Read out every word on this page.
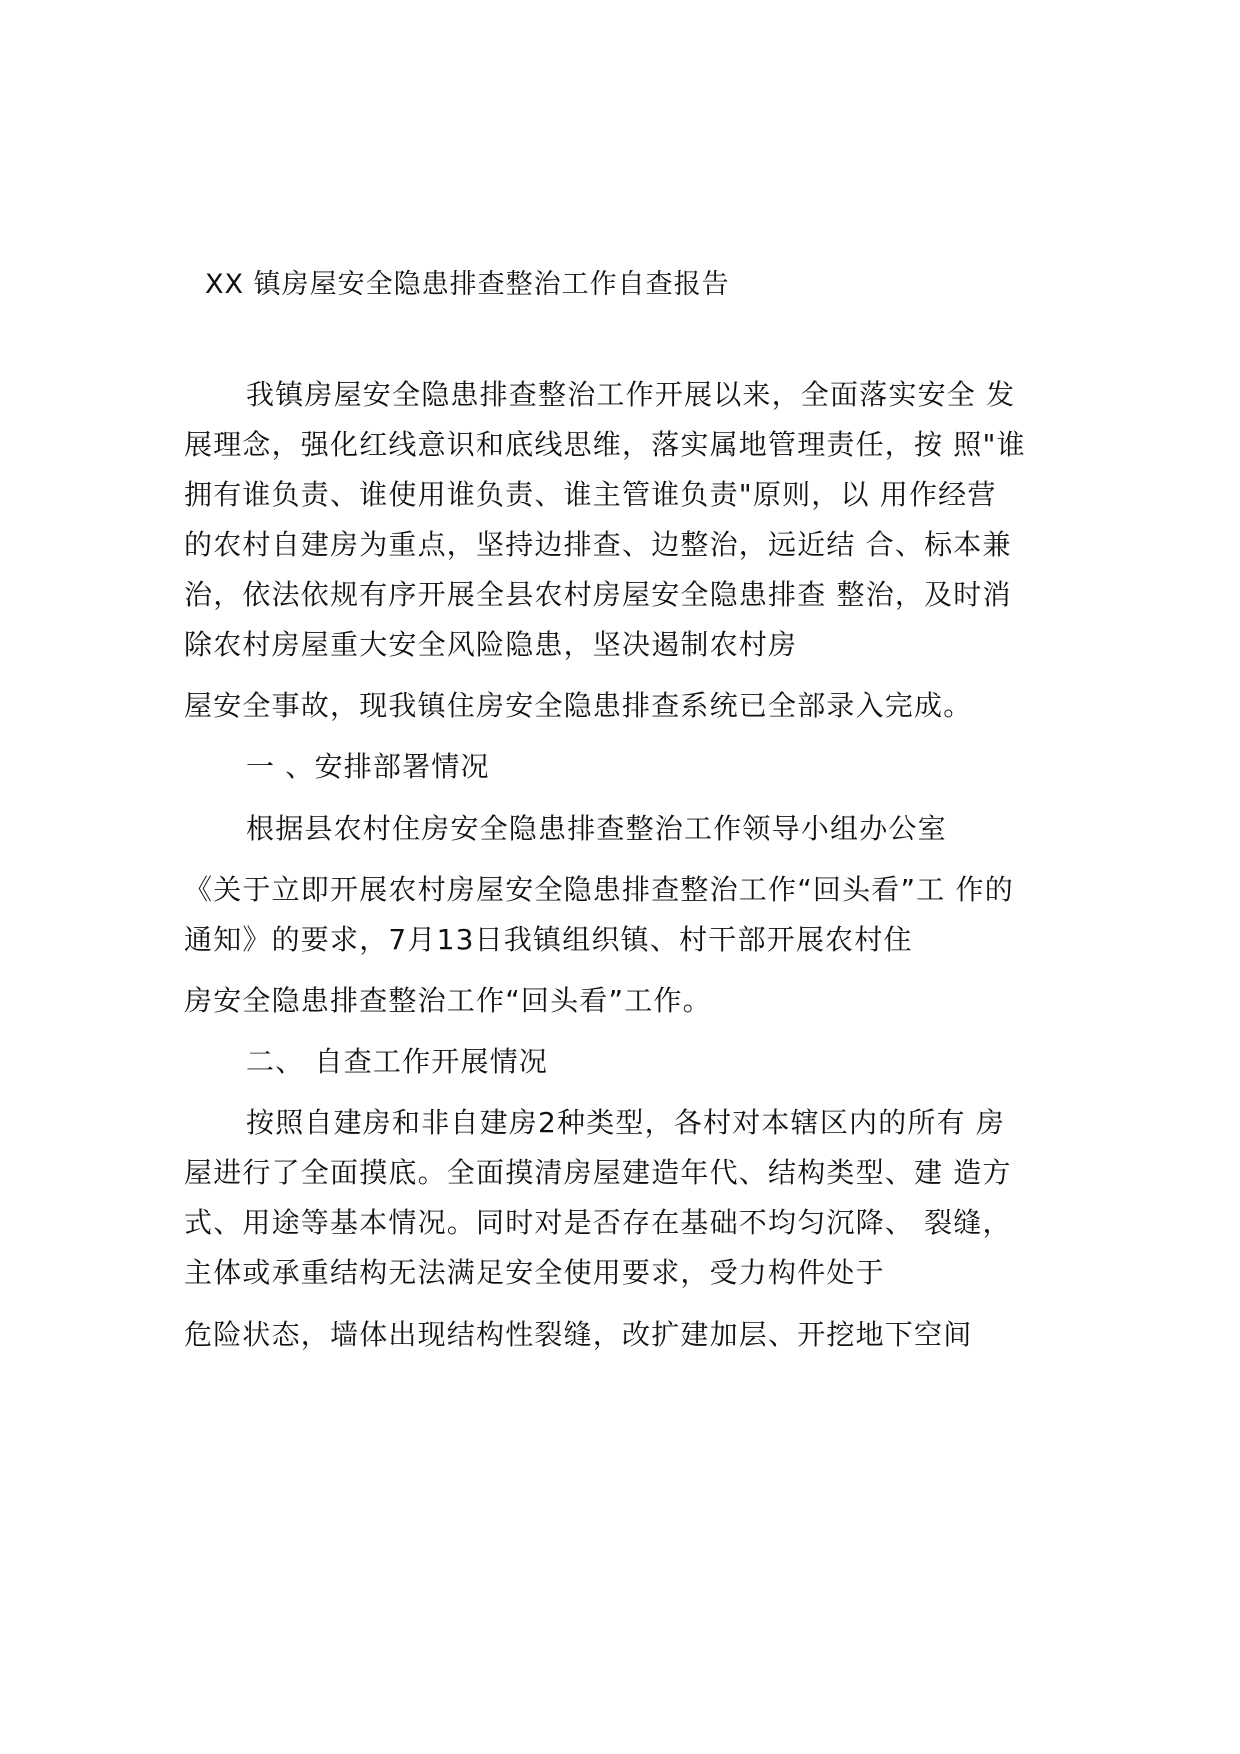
XX 镇房屋安全隐患排查整治工作自查报告
我镇房屋安全隐患排查整治工作开展以来，全面落实安全 发
展理念，强化红线意识和底线思维，落实属地管理责任，按 照"谁
拥有谁负责、谁使用谁负责、谁主管谁负责"原则，以 用作经营
的农村自建房为重点，坚持边排查、边整治，远近结 合、标本兼
治，依法依规有序开展全县农村房屋安全隐患排查 整治，及时消
除农村房屋重大安全风险隐患，坚决遏制农村房
屋安全事故，现我镇住房安全隐患排查系统已全部录入完成。
一 、安排部署情况
根据县农村住房安全隐患排查整治工作领导小组办公室
《关于立即开展农村房屋安全隐患排查整治工作“回头看”工 作的
通知》的要求，7月13日我镇组织镇、村干部开展农村住
房安全隐患排查整治工作“回头看”工作。
二、 自查工作开展情况
按照自建房和非自建房2种类型，各村对本辖区内的所有 房
屋进行了全面摸底。全面摸清房屋建造年代、结构类型、建 造方
式、用途等基本情况。同时对是否存在基础不均匀沉降、 裂缝，
主体或承重结构无法满足安全使用要求，受力构件处于
危险状态，墙体出现结构性裂缝，改扩建加层、开挖地下空间
